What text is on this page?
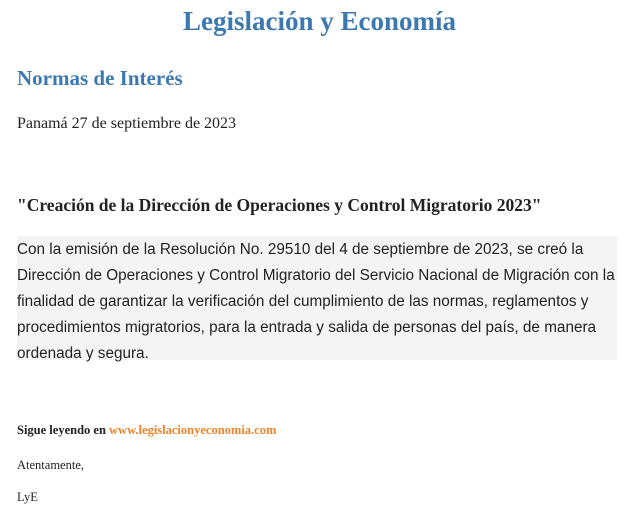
Legislación y Economía
Normas de Interés
Panamá 27 de septiembre de 2023
"Creación de la Dirección de Operaciones y Control Migratorio 2023"
Con la emisión de la Resolución No. 29510 del 4 de septiembre de 2023, se creó la Dirección de Operaciones y Control Migratorio del Servicio Nacional de Migración con la finalidad de garantizar la verificación del cumplimiento de las normas, reglamentos y procedimientos migratorios, para la entrada y salida de personas del país, de manera ordenada y segura.
Sigue leyendo en www.legislacionyeconomia.com
Atentamente,
LyE
